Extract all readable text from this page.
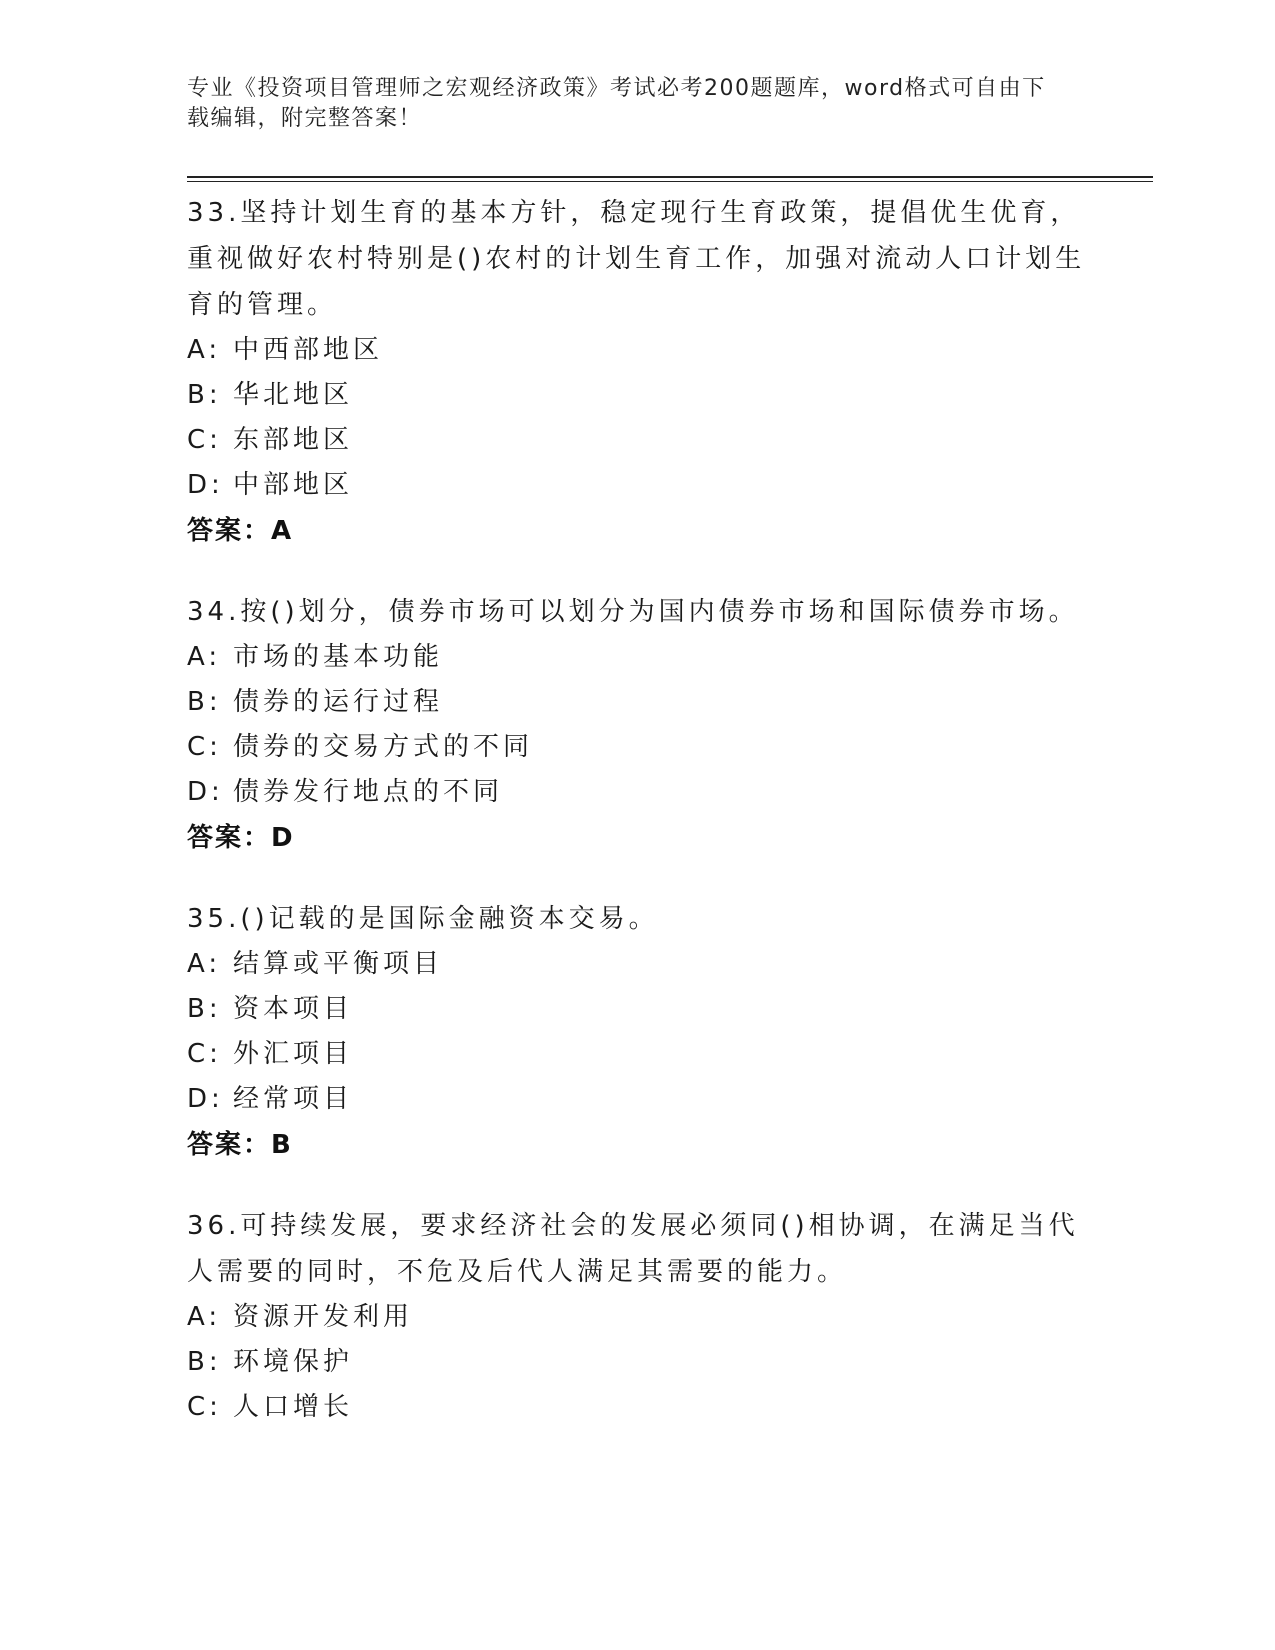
专业《投资项目管理师之宏观经济政策》考试必考200题题库，word格式可自由下载编辑，附完整答案！
33.坚持计划生育的基本方针，稳定现行生育政策，提倡优生优育，重视做好农村特别是()农村的计划生育工作，加强对流动人口计划生育的管理。
A: 中西部地区
B: 华北地区
C: 东部地区
D: 中部地区
答案：A
34.按()划分，债券市场可以划分为国内债券市场和国际债券市场。
A: 市场的基本功能
B: 债券的运行过程
C: 债券的交易方式的不同
D: 债券发行地点的不同
答案：D
35.()记载的是国际金融资本交易。
A: 结算或平衡项目
B: 资本项目
C: 外汇项目
D: 经常项目
答案：B
36.可持续发展，要求经济社会的发展必须同()相协调，在满足当代人需要的同时，不危及后代人满足其需要的能力。
A: 资源开发利用
B: 环境保护
C: 人口增长
